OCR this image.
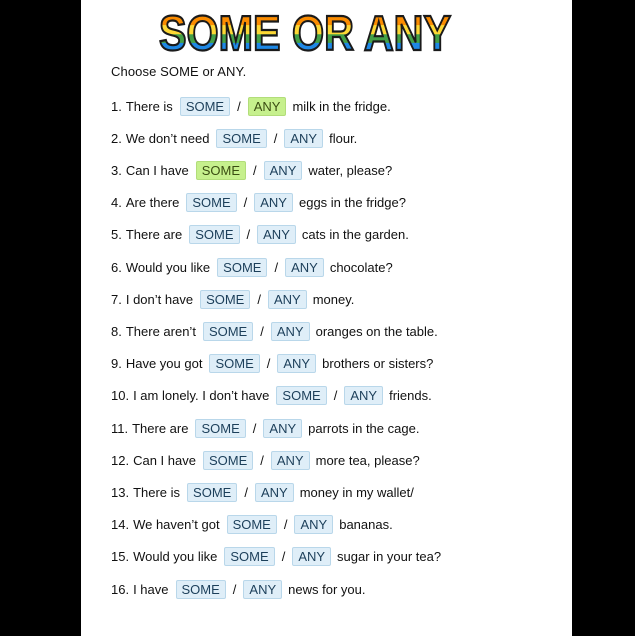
SOME OR ANY
Choose SOME or ANY.
1. There is	SOME	/	ANY milk in the fridge.
2. We don’t need	SOME	/	ANY flour.
3. Can I have	SOME	/	ANY water, please?
4. Are there	SOME	/	ANY eggs in the fridge?
5. There are	SOME	/	ANY cats in the garden.
6. Would you like	SOME	/	ANY chocolate?
7. I don’t have	SOME	/	ANY money.
8. There aren’t	SOME	/	ANY oranges on the table.
9. Have you got	SOME	/	ANY brothers or sisters?
10. I am lonely. I don’t have	SOME	/	ANY friends.
11. There are	SOME	/	ANY parrots in the cage.
12. Can I have	SOME	/	ANY more tea, please?
13. There is	SOME	/	ANY money in my wallet/
14. We haven’t got	SOME	/	ANY bananas.
15. Would you like	SOME	/	ANY sugar in your tea?
16. I have	SOME	/	ANY news for you.
